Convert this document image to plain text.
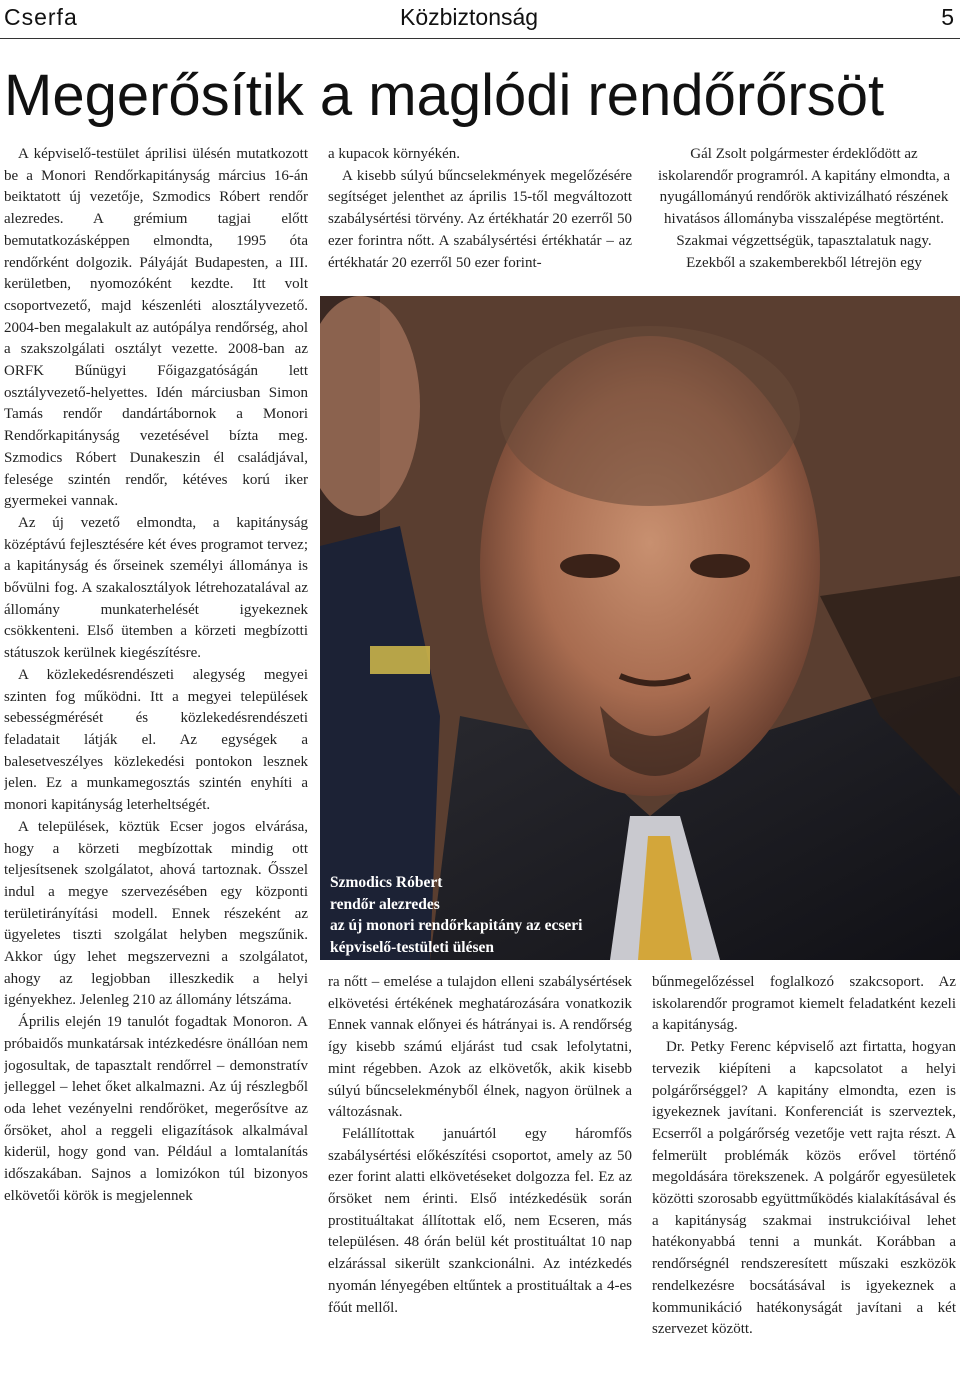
Cserfa	Közbiztonság	5
Megerősítik a maglódi rendőrőrsöt

A képviselő-testület áprilisi ülésén mutatkozott be a Monori Rendőrkapitányság március 16-án beiktatott új vezetője, Szmodics Róbert rendőr alezredes. A grémium tagjai előtt bemutatkozásképpen elmondta, 1995 óta rendőrként dolgozik. Pályáját Budapesten, a III. kerületben, nyomozóként kezdte. Itt volt csoportvezető, majd készenléti alosztályvezető. 2004-ben megalakult az autópálya rendőrség, ahol a szakszolgálati osztályt vezette. 2008-ban az ORFK Bűnügyi Főigazgatóságán lett osztályvezető-helyettes. Idén márciusban Simon Tamás rendőr dandártábornok a Monori Rendőrkapitányság vezetésével bízta meg. Szmodics Róbert Dunakeszin él családjával, felesége szintén rendőr, kétéves korú iker gyermekei vannak.

Az új vezető elmondta, a kapitányság középtávú fejlesztésére két éves programot tervez; a kapitányság és őrseinek személyi állománya is bővülni fog. A szakalosztályok létrehozatalával az állomány munkaterhelését igyekeznek csökkenteni. Első ütemben a körzeti megbízotti státuszok kerülnek kiegészítésre.

A közlekedésrendészeti alegység megyei szinten fog működni. Itt a megyei települések sebességmérését és közlekedésrendészeti feladatait látják el. Az egységek a balesetveszélyes közlekedési pontokon lesznek jelen. Ez a munkamegosztás szintén enyhíti a monori kapitányság leterheltségét.

A települések, köztük Ecser jogos elvárása, hogy a körzeti megbízottak mindig ott teljesítsenek szolgálatot, ahová tartoznak. Ősszel indul a megye szervezésében egy központi területirányítási modell. Ennek részeként az ügyeletes tiszti szolgálat helyben megszűnik. Akkor úgy lehet megszervezni a szolgálatot, ahogy az legjobban illeszkedik a helyi igényekhez. Jelenleg 210 az állomány létszáma.

Április elején 19 tanulót fogadtak Monoron. A próbaidős munkatársak intézkedésre önállóan nem jogosultak, de tapasztalt rendőrrel – demonstratív jelleggel – lehet őket alkalmazni. Az új részlegből oda lehet vezényelni rendőröket, megerősítve az őrsöket, ahol a reggeli eligazítások alkalmával kiderül, hogy gond van. Például a lomtalanítás időszakában. Sajnos a lomizókon túl bizonyos elkövetői körök is megjelennek

a kupacok környékén.

A kisebb súlyú bűncselekmények megelőzésére segítséget jelenthet az április 15-től megváltozott szabálysértési törvény. Az értékhatár 20 ezerről 50 ezer forintra nőtt. A szabálysértési értékhatár – az értékhatár 20 ezerről 50 ezer forint-

Gál Zsolt polgármester érdeklődött az iskolarendőr programról. A kapitány elmondta, a nyugállományú rendőrök aktivizálható részének hivatásos állományba visszalépése megtörtént. Szakmai végzettségük, tapasztalatuk nagy. Ezekből a szakemberekből létrejön egy

Szmodics Róbert
rendőr alezredes
az új monori rendőrkapitány az ecseri
képviselő-testületi ülésen

ra nőtt – emelése a tulajdon elleni szabálysértések elkövetési értékének meghatározására vonatkozik Ennek vannak előnyei és hátrányai is. A rendőrség így kisebb számú eljárást tud csak lefolytatni, mint régebben. Azok az elkövetők, akik kisebb súlyú bűncselekményből élnek, nagyon örülnek a változásnak.

Felállítottak januártól egy háromfős szabálysértési előkészítési csoportot, amely az 50 ezer forint alatti elkövetéseket dolgozza fel. Ez az őrsöket nem érinti. Első intézkedésük során prostituáltakat állítottak elő, nem Ecseren, más településen. 48 órán belül két prostituáltat 10 nap elzárással sikerült szankcionálni. Az intézkedés nyomán lényegében eltűntek a prostituáltak a 4-es főút mellől.

bűnmegelőzéssel foglalkozó szakcsoport. Az iskolarendőr programot kiemelt feladatként kezeli a kapitányság.

Dr. Petky Ferenc képviselő azt firtatta, hogyan tervezik kiépíteni a kapcsolatot a helyi polgárőrséggel? A kapitány elmondta, ezen is igyekeznek javítani. Konferenciát is szerveztek, Ecserről a polgárőrség vezetője vett rajta részt. A felmerült problémák közös erővel történő megoldására törekszenek. A polgárőr egyesületek közötti szorosabb együttműködés kialakításával és a kapitányság szakmai instrukcióival lehet hatékonyabbá tenni a munkát. Korábban a rendőrségnél rendszeresített műszaki eszközök rendelkezésre bocsátásával is igyekeznek a kommunikáció hatékonyságát javítani a két szervezet között.
